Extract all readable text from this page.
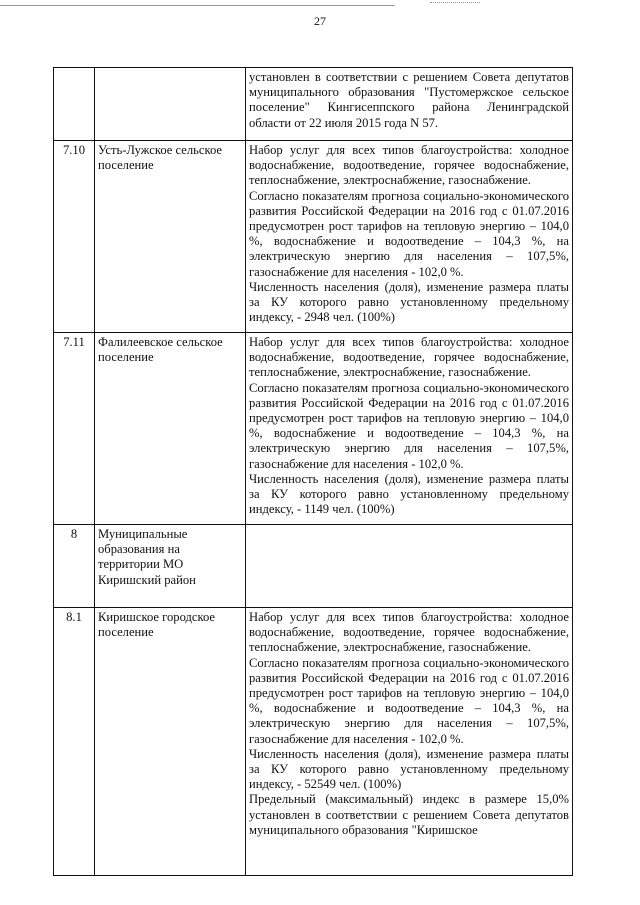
27

		установлен в соответствии с решением Совета депутатов муниципального образования "Пустомержское сельское поселение" Кингисеппского района Ленинградской области от 22 июля 2015 года N 57.

7.10	Усть-Лужское сельское поселение	Набор услуг для всех типов благоустройства: холодное водоснабжение, водоотведение, горячее водоснабжение, теплоснабжение, электроснабжение, газоснабжение.
Согласно показателям прогноза социально-экономического развития Российской Федерации на 2016 год с 01.07.2016 предусмотрен рост тарифов на тепловую энергию – 104,0 %, водоснабжение и водоотведение – 104,3 %, на электрическую энергию для населения – 107,5%, газоснабжение для населения - 102,0 %.
Численность населения (доля), изменение размера платы за КУ которого равно установленному предельному индексу, - 2948 чел. (100%)

7.11	Фалилеевское сельское поселение	Набор услуг для всех типов благоустройства: холодное водоснабжение, водоотведение, горячее водоснабжение, теплоснабжение, электроснабжение, газоснабжение.
Согласно показателям прогноза социально-экономического развития Российской Федерации на 2016 год с 01.07.2016 предусмотрен рост тарифов на тепловую энергию – 104,0 %, водоснабжение и водоотведение – 104,3 %, на электрическую энергию для населения – 107,5%, газоснабжение для населения - 102,0 %.
Численность населения (доля), изменение размера платы за КУ которого равно установленному предельному индексу, - 1149 чел. (100%)

8	Муниципальные образования на территории МО Киришский район	
8.1	Киришское городское поселение	Набор услуг для всех типов благоустройства: холодное водоснабжение, водоотведение, горячее водоснабжение, теплоснабжение, электроснабжение, газоснабжение.
Согласно показателям прогноза социально-экономического развития Российской Федерации на 2016 год с 01.07.2016 предусмотрен рост тарифов на тепловую энергию – 104,0 %, водоснабжение и водоотведение – 104,3 %, на электрическую энергию для населения – 107,5%, газоснабжение для населения - 102,0 %.
Численность населения (доля), изменение размера платы за КУ которого равно установленному предельному индексу, - 52549 чел. (100%)
Предельный (максимальный) индекс в размере 15,0% установлен в соответствии с решением Совета депутатов муниципального образования "Киришское
